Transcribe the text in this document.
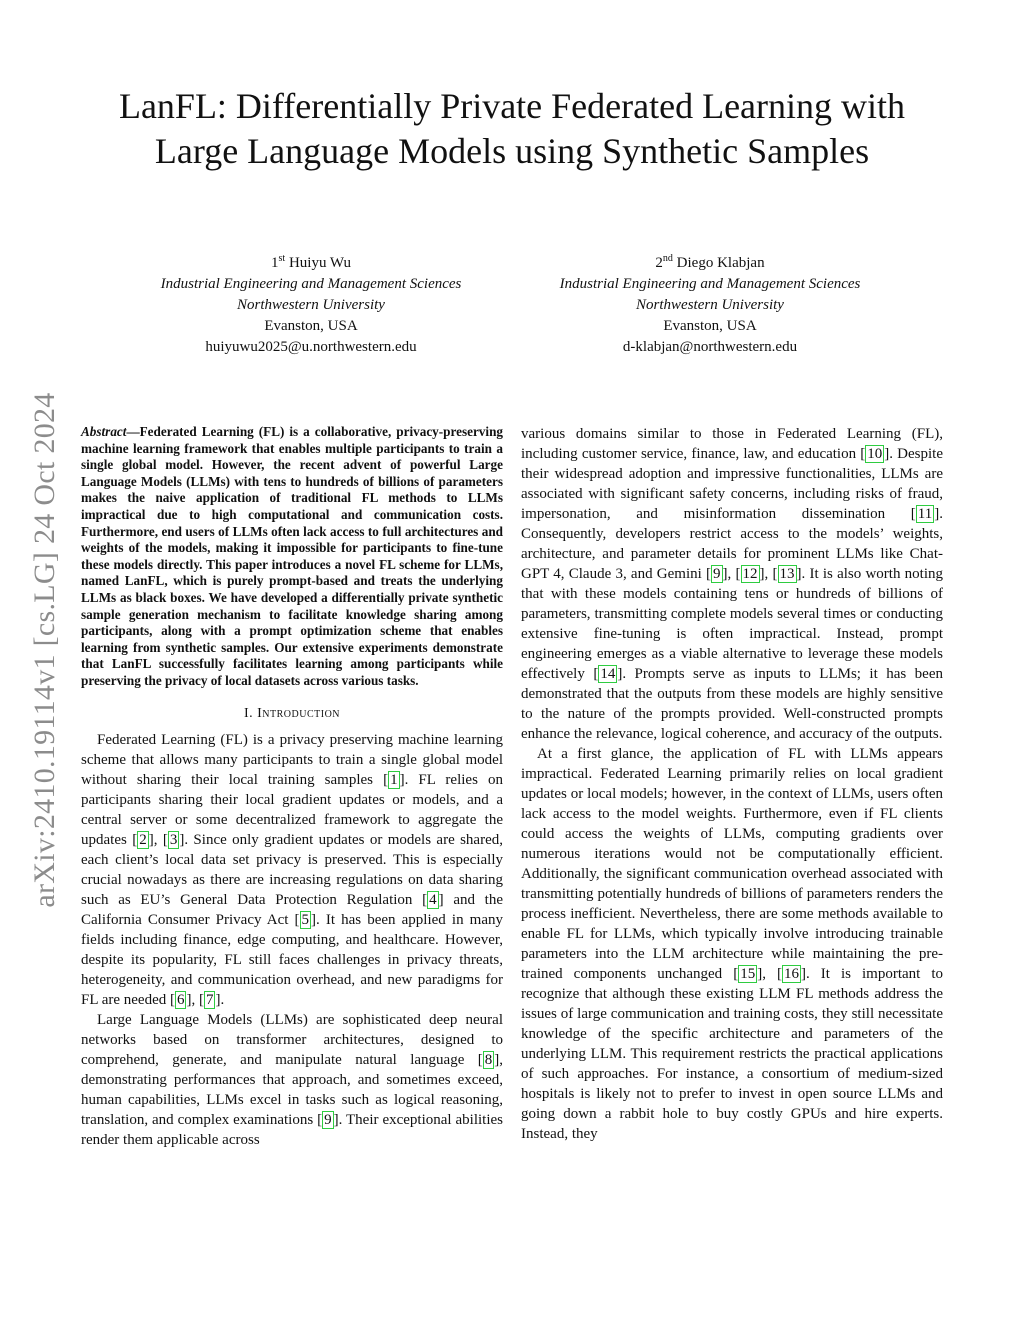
arXiv:2410.19114v1 [cs.LG] 24 Oct 2024
LanFL: Differentially Private Federated Learning with Large Language Models using Synthetic Samples
1st Huiyu Wu
Industrial Engineering and Management Sciences
Northwestern University
Evanston, USA
huiyuwu2025@u.northwestern.edu
2nd Diego Klabjan
Industrial Engineering and Management Sciences
Northwestern University
Evanston, USA
d-klabjan@northwestern.edu

Abstract—Federated Learning (FL) is a collaborative, privacy-preserving machine learning framework that enables multiple participants to train a single global model. However, the recent advent of powerful Large Language Models (LLMs) with tens to hundreds of billions of parameters makes the naive application of traditional FL methods to LLMs impractical due to high computational and communication costs. Furthermore, end users of LLMs often lack access to full architectures and weights of the models, making it impossible for participants to fine-tune these models directly. This paper introduces a novel FL scheme for LLMs, named LanFL, which is purely prompt-based and treats the underlying LLMs as black boxes. We have developed a differentially private synthetic sample generation mechanism to facilitate knowledge sharing among participants, along with a prompt optimization scheme that enables learning from synthetic samples. Our extensive experiments demonstrate that LanFL successfully facilitates learning among participants while preserving the privacy of local datasets across various tasks.

I. Introduction

Federated Learning (FL) is a privacy preserving machine learning scheme that allows many participants to train a single global model without sharing their local training samples [ 1 ]. FL relies on participants sharing their local gradient updates or models, and a central server or some decentralized framework to aggregate the updates [ 2 ], [ 3 ]. Since only gradient updates or models are shared, each client’s local data set privacy is preserved. This is especially crucial nowadays as there are increasing regulations on data sharing such as EU’s General Data Protection Regulation [ 4 ] and the California Consumer Privacy Act [ 5 ]. It has been applied in many fields including finance, edge computing, and healthcare. However, despite its popularity, FL still faces challenges in privacy threats, heterogeneity, and communication overhead, and new paradigms for FL are needed [ 6 ], [ 7 ].

Large Language Models (LLMs) are sophisticated deep neural networks based on transformer architectures, designed to comprehend, generate, and manipulate natural language [ 8 ], demonstrating performances that approach, and sometimes exceed, human capabilities, LLMs excel in tasks such as logical reasoning, translation, and complex examinations [ 9 ]. Their exceptional abilities render them applicable across

various domains similar to those in Federated Learning (FL), including customer service, finance, law, and education [ 10 ]. Despite their widespread adoption and impressive functionalities, LLMs are associated with significant safety concerns, including risks of fraud, impersonation, and misinformation dissemination [ 11 ]. Consequently, developers restrict access to the models’ weights, architecture, and parameter details for prominent LLMs like Chat-GPT 4, Claude 3, and Gemini [ 9 ], [ 12 ], [ 13 ]. It is also worth noting that with these models containing tens or hundreds of billions of parameters, transmitting complete models several times or conducting extensive fine-tuning is often impractical. Instead, prompt engineering emerges as a viable alternative to leverage these models effectively [ 14 ]. Prompts serve as inputs to LLMs; it has been demonstrated that the outputs from these models are highly sensitive to the nature of the prompts provided. Well-constructed prompts enhance the relevance, logical coherence, and accuracy of the outputs.

At a first glance, the application of FL with LLMs appears impractical. Federated Learning primarily relies on local gradient updates or local models; however, in the context of LLMs, users often lack access to the model weights. Furthermore, even if FL clients could access the weights of LLMs, computing gradients over numerous iterations would not be computationally efficient. Additionally, the significant communication overhead associated with transmitting potentially hundreds of billions of parameters renders the process inefficient. Nevertheless, there are some methods available to enable FL for LLMs, which typically involve introducing trainable parameters into the LLM architecture while maintaining the pre-trained components unchanged [ 15 ], [ 16 ]. It is important to recognize that although these existing LLM FL methods address the issues of large communication and training costs, they still necessitate knowledge of the specific architecture and parameters of the underlying LLM. This requirement restricts the practical applications of such approaches. For instance, a consortium of medium-sized hospitals is likely not to prefer to invest in open source LLMs and going down a rabbit hole to buy costly GPUs and hire experts. Instead, they
